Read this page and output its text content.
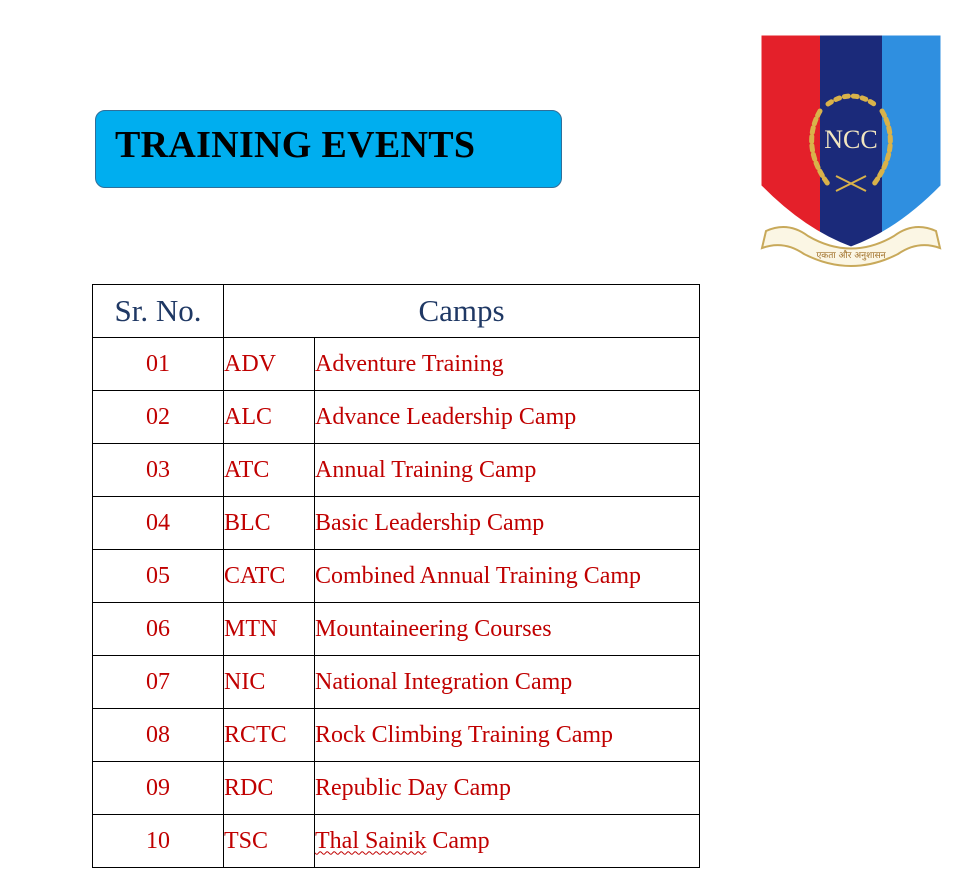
TRAINING EVENTS	NCC
एकता और अनुशासन
Sr. No.	Camps	
01	ADV	Adventure Training
02	ALC	Advance Leadership Camp
03	ATC	Annual Training Camp
04	BLC	Basic Leadership Camp
05	CATC	Combined Annual Training Camp
06	MTN	Mountaineering Courses
07	NIC	National Integration Camp
08	RCTC	Rock Climbing Training Camp
09	RDC	Republic Day Camp
10	TSC	Thal Sainik Camp
